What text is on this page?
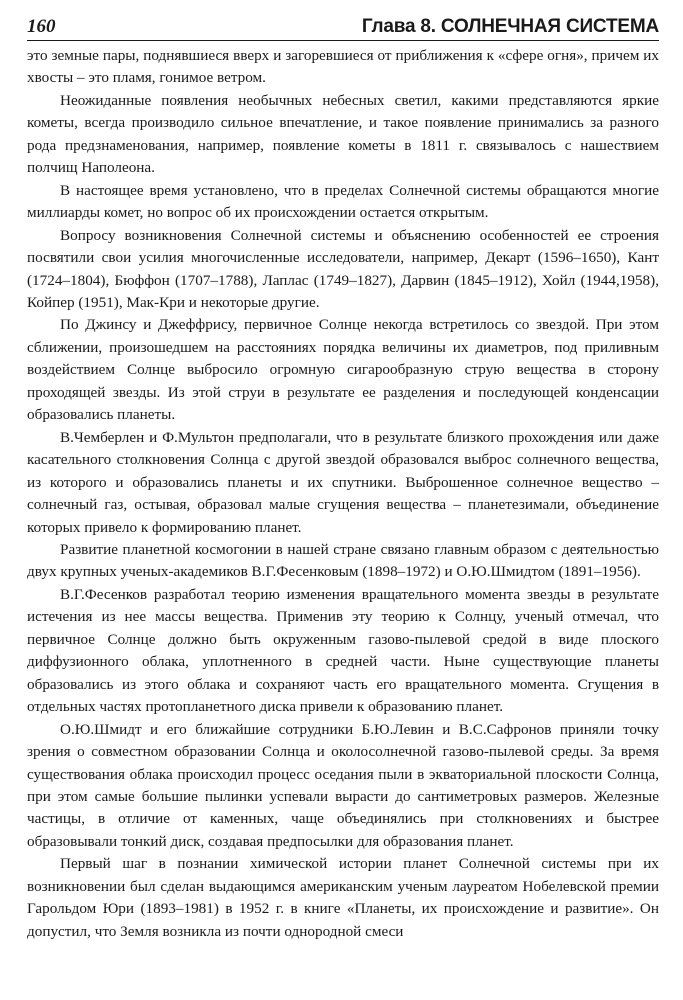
160	Глава 8. СОЛНЕЧНАЯ СИСТЕМА

это земные пары, поднявшиеся вверх и загоревшиеся от приближения к «сфере огня», причем их хвосты – это пламя, гонимое ветром.

Неожиданные появления необычных небесных светил, какими представляются яркие кометы, всегда производило сильное впечатление, и такое появление принимались за разного рода предзнаменования, например, появление кометы в 1811 г. связывалось с нашествием полчищ Наполеона.

В настоящее время установлено, что в пределах Солнечной системы обращаются многие миллиарды комет, но вопрос об их происхождении остается открытым.

Вопросу возникновения Солнечной системы и объяснению особенностей ее строения посвятили свои усилия многочисленные исследователи, например, Декарт (1596–1650), Кант (1724–1804), Бюффон (1707–1788), Лаплас (1749–1827), Дарвин (1845–1912), Хойл (1944,1958), Койпер (1951), Мак-Кри и некоторые другие.

По Джинсу и Джеффрису, первичное Солнце некогда встретилось со звездой. При этом сближении, произошедшем на расстояниях порядка величины их диаметров, под приливным воздействием Солнце выбросило огромную сигарообразную струю вещества в сторону проходящей звезды. Из этой струи в результате ее разделения и последующей конденсации образовались планеты.

В.Чемберлен и Ф.Мультон предполагали, что в результате близкого прохождения или даже касательного столкновения Солнца с другой звездой образовался выброс солнечного вещества, из которого и образовались планеты и их спутники. Выброшенное солнечное вещество – солнечный газ, остывая, образовал малые сгущения вещества – планетезимали, объединение которых привело к формированию планет.

Развитие планетной космогонии в нашей стране связано главным образом с деятельностью двух крупных ученых-академиков В.Г.Фесенковым (1898–1972) и О.Ю.Шмидтом (1891–1956).

В.Г.Фесенков разработал теорию изменения вращательного момента звезды в результате истечения из нее массы вещества. Применив эту теорию к Солнцу, ученый отмечал, что первичное Солнце должно быть окруженным газово-пылевой средой в виде плоского диффузионного облака, уплотненного в средней части. Ныне существующие планеты образовались из этого облака и сохраняют часть его вращательного момента. Сгущения в отдельных частях протопланетного диска привели к образованию планет.

О.Ю.Шмидт и его ближайшие сотрудники Б.Ю.Левин и В.С.Сафронов приняли точку зрения о совместном образовании Солнца и околосолнечной газово-пылевой среды. За время существования облака происходил процесс оседания пыли в экваториальной плоскости Солнца, при этом самые большие пылинки успевали вырасти до сантиметровых размеров. Железные частицы, в отличие от каменных, чаще объединялись при столкновениях и быстрее образовывали тонкий диск, создавая предпосылки для образования планет.

Первый шаг в познании химической истории планет Солнечной системы при их возникновении был сделан выдающимся американским ученым лауреатом Нобелевской премии Гарольдом Юри (1893–1981) в 1952 г. в книге «Планеты, их происхождение и развитие». Он допустил, что Земля возникла из почти однородной смеси
